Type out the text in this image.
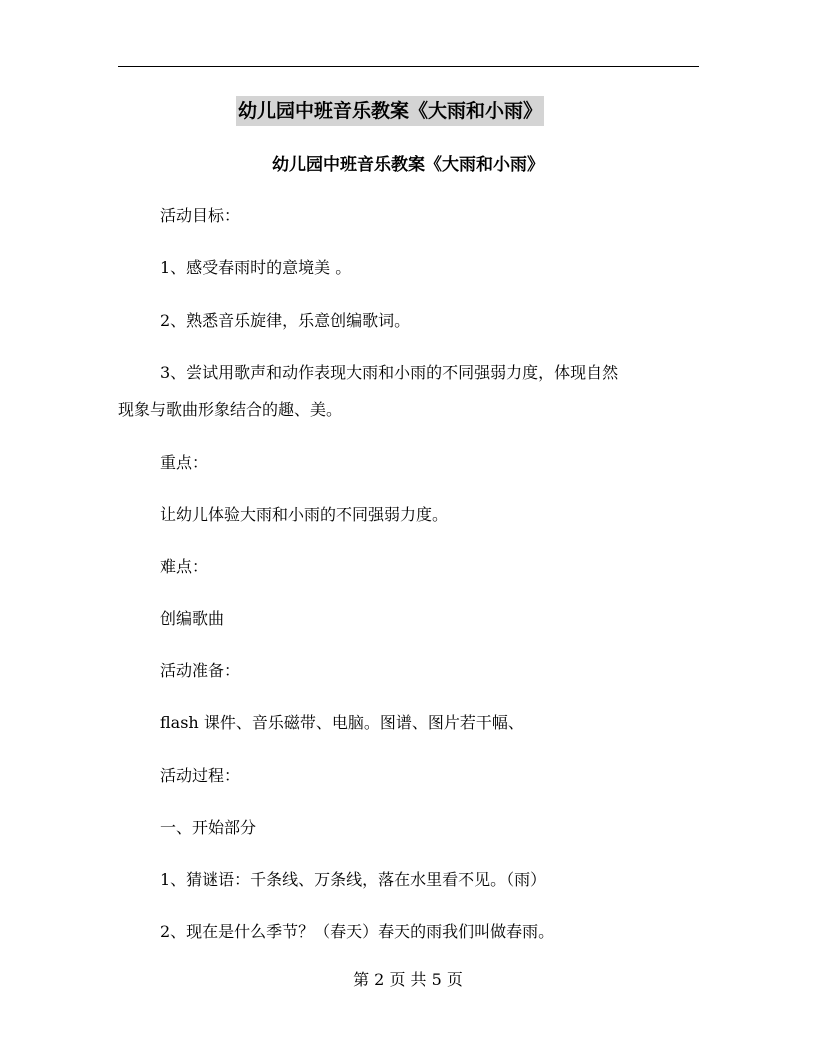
幼儿园中班音乐教案《大雨和小雨》
幼儿园中班音乐教案《大雨和小雨》
活动目标：
1、感受春雨时的意境美 。
2、熟悉音乐旋律，乐意创编歌词。
3、尝试用歌声和动作表现大雨和小雨的不同强弱力度，体现自然
现象与歌曲形象结合的趣、美。
重点：
让幼儿体验大雨和小雨的不同强弱力度。
难点：
创编歌曲
活动准备：
flash 课件、音乐磁带、电脑。图谱、图片若干幅、
活动过程：
一、开始部分
1、猜谜语：千条线、万条线，落在水里看不见。（雨）
2、现在是什么季节？（春天）春天的雨我们叫做春雨。
第 2 页 共 5 页
